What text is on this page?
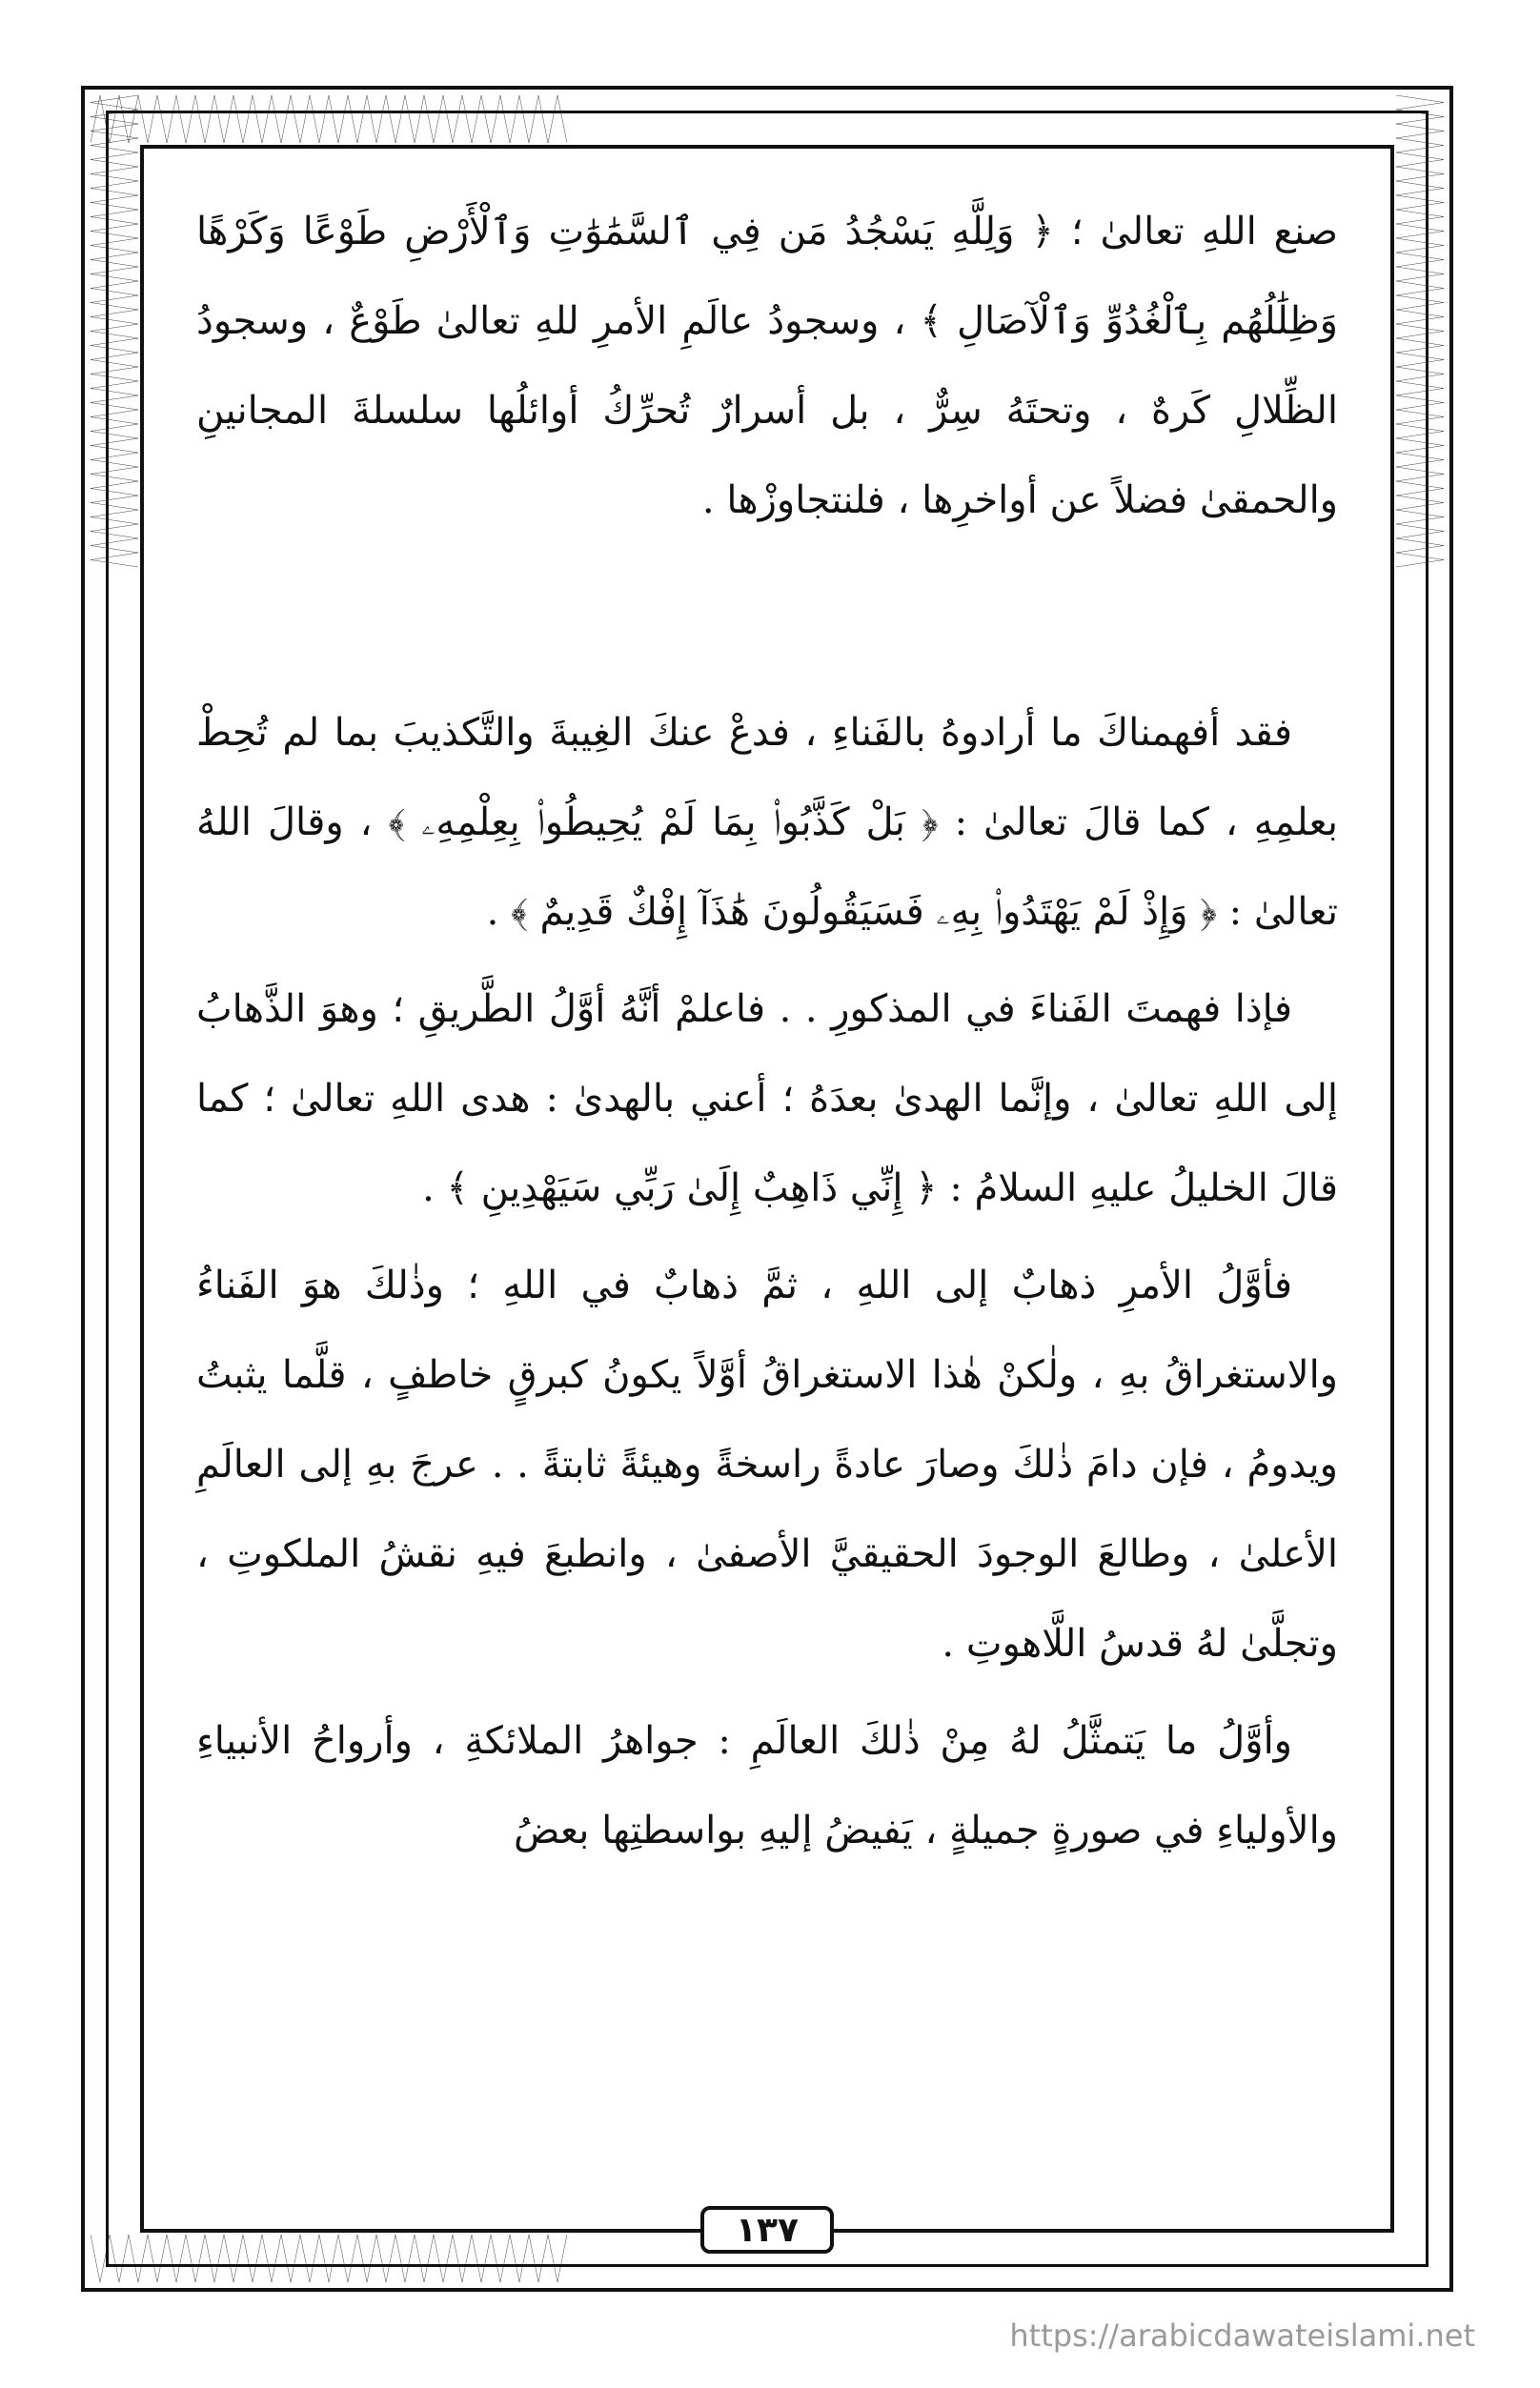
صنع اللهِ تعالىٰ ؛ ﴿ وَلِلَّهِ يَسْجُدُ مَن فِي ٱلسَّمَٰوَٰتِ وَٱلْأَرْضِ طَوْعًا وَكَرْهًا وَظِلَٰلُهُم بِٱلْغُدُوِّ وَٱلْآصَالِ ﴾ ، وسجودُ عالَمِ الأمرِ للهِ تعالىٰ طَوْعٌ ، وسجودُ الظِّلالِ كَرهٌ ، وتحتَهُ سِرٌّ ، بل أسرارٌ تُحرِّكُ أوائلُها سلسلةَ المجانينِ والحمقىٰ فضلاً عن أواخرِها ، فلنتجاوزْها .

فقد أفهمناكَ ما أرادوهُ بالفَناءِ ، فدعْ عنكَ الغِيبةَ والتَّكذيبَ بما لم تُحِطْ بعلمِهِ ، كما قالَ تعالىٰ : ﴿ بَلْ كَذَّبُوا۟ بِمَا لَمْ يُحِيطُوا۟ بِعِلْمِهِۦ ﴾ ، وقالَ اللهُ تعالىٰ : ﴿ وَإِذْ لَمْ يَهْتَدُوا۟ بِهِۦ فَسَيَقُولُونَ هَٰذَآ إِفْكٌ قَدِيمٌ ﴾ .

فإذا فهمتَ الفَناءَ في المذكورِ . . فاعلمْ أنَّهُ أوَّلُ الطَّريقِ ؛ وهوَ الذَّهابُ إلى اللهِ تعالىٰ ، وإنَّما الهدىٰ بعدَهُ ؛ أعني بالهدىٰ : هدى اللهِ تعالىٰ ؛ كما قالَ الخليلُ عليهِ السلامُ : ﴿ إِنِّي ذَاهِبٌ إِلَىٰ رَبِّي سَيَهْدِينِ ﴾ .

فأوَّلُ الأمرِ ذهابٌ إلى اللهِ ، ثمَّ ذهابٌ في اللهِ ؛ وذٰلكَ هوَ الفَناءُ والاستغراقُ بهِ ، ولٰكنْ هٰذا الاستغراقُ أوَّلاً يكونُ كبرقٍ خاطفٍ ، قلَّما يثبتُ ويدومُ ، فإن دامَ ذٰلكَ وصارَ عادةً راسخةً وهيئةً ثابتةً . . عرجَ بهِ إلى العالَمِ الأعلىٰ ، وطالعَ الوجودَ الحقيقيَّ الأصفىٰ ، وانطبعَ فيهِ نقشُ الملكوتِ ، وتجلَّىٰ لهُ قدسُ اللَّاهوتِ .

وأوَّلُ ما يَتمثَّلُ لهُ مِنْ ذٰلكَ العالَمِ : جواهرُ الملائكةِ ، وأرواحُ الأنبياءِ والأولياءِ في صورةٍ جميلةٍ ، يَفيضُ إليهِ بواسطتِها بعضُ

١٣٧
https://arabicdawateislami.net
